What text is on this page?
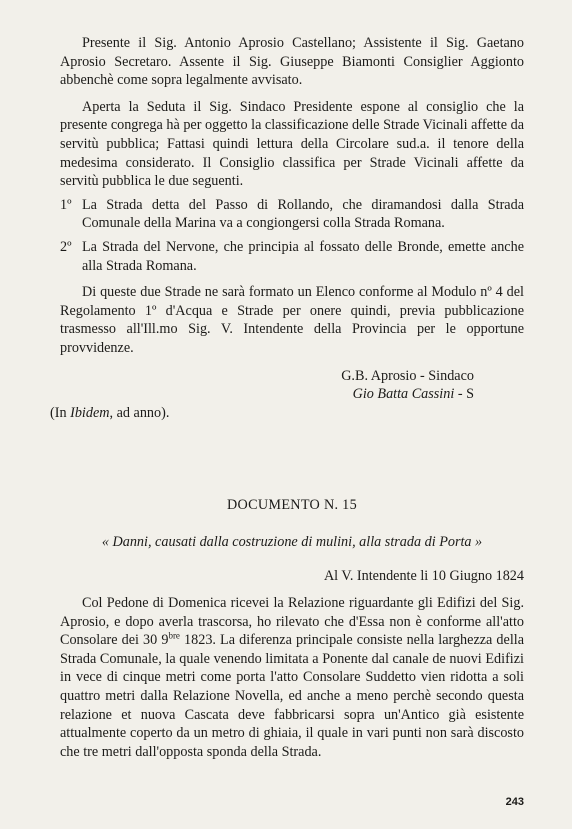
Presente il Sig. Antonio Aprosio Castellano; Assistente il Sig. Gaetano Aprosio Secretaro. Assente il Sig. Giuseppe Biamonti Consiglier Aggionto abbenchè come sopra legalmente avvisato.

Aperta la Seduta il Sig. Sindaco Presidente espone al consiglio che la presente congrega hà per oggetto la classificazione delle Strade Vicinali affette da servitù pubblica; Fattasi quindi lettura della Circolare sud.a. il tenore della medesima considerato. Il Consiglio classifica per Strade Vicinali affette da servitù pubblica le due seguenti.

1º La Strada detta del Passo di Rollando, che diramandosi dalla Strada Comunale della Marina va a congiongersi colla Strada Romana.
2º La Strada del Nervone, che principia al fossato delle Bronde, emette anche alla Strada Romana.

Di queste due Strade ne sarà formato un Elenco conforme al Modulo nº 4 del Regolamento 1º d'Acqua e Strade per onere quindi, previa pubblicazione trasmesso all'Ill.mo Sig. V. Intendente della Provincia per le opportune provvidenze.

G.B. Aprosio - Sindaco
Gio Batta Cassini - S

(In Ibidem, ad anno).

DOCUMENTO N. 15
« Danni, causati dalla costruzione di mulini, alla strada di Porta »
Al V. Intendente li 10 Giugno 1824

Col Pedone di Domenica ricevei la Relazione riguardante gli Edifizi del Sig. Aprosio, e dopo averla trascorsa, ho rilevato che d'Essa non è conforme all'atto Consolare dei 30 $9^{bre}$ 1823. La diferenza principale consiste nella larghezza della Strada Comunale, la quale venendo limitata a Ponente dal canale de nuovi Edifizi in vece di cinque metri come porta l'atto Consolare Suddetto vien ridotta a soli quattro metri dalla Relazione Novella, ed anche a meno perchè secondo questa relazione et nuova Cascata deve fabbricarsi sopra un'Antico già esistente attualmente coperto da un metro di ghiaia, il quale in vari punti non sarà discosto che tre metri dall'opposta sponda della Strada.

243
